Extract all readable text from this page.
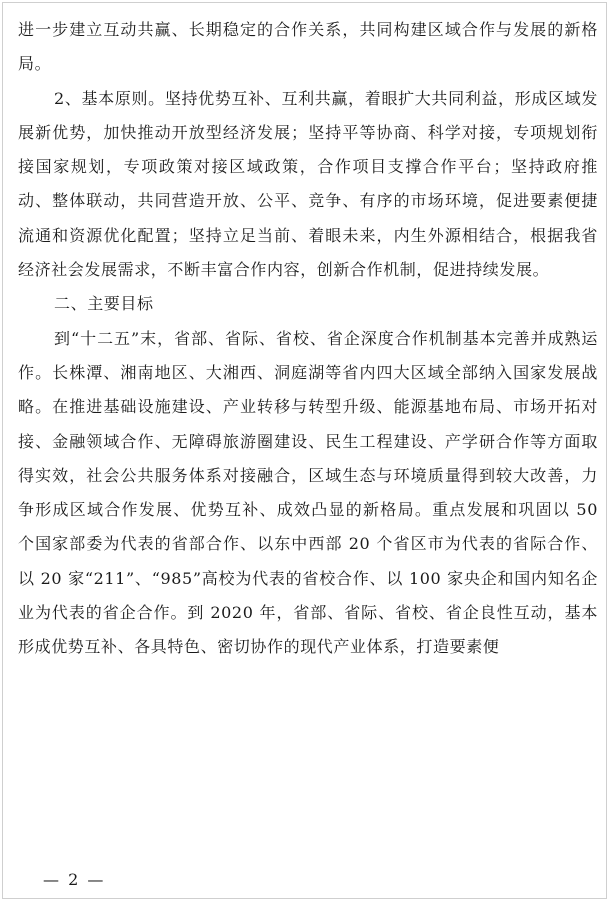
进一步建立互动共赢、长期稳定的合作关系，共同构建区域合作与发展的新格局。

2、基本原则。坚持优势互补、互利共赢，着眼扩大共同利益，形成区域发展新优势，加快推动开放型经济发展；坚持平等协商、科学对接，专项规划衔接国家规划，专项政策对接区域政策，合作项目支撑合作平台；坚持政府推动、整体联动，共同营造开放、公平、竞争、有序的市场环境，促进要素便捷流通和资源优化配置；坚持立足当前、着眼未来，内生外源相结合，根据我省经济社会发展需求，不断丰富合作内容，创新合作机制，促进持续发展。

二、主要目标

到“十二五”末，省部、省际、省校、省企深度合作机制基本完善并成熟运作。长株潭、湘南地区、大湘西、洞庭湖等省内四大区域全部纳入国家发展战略。在推进基础设施建设、产业转移与转型升级、能源基地布局、市场开拓对接、金融领域合作、无障碍旅游圈建设、民生工程建设、产学研合作等方面取得实效，社会公共服务体系对接融合，区域生态与环境质量得到较大改善，力争形成区域合作发展、优势互补、成效凸显的新格局。重点发展和巩固以 50 个国家部委为代表的省部合作、以东中西部 20 个省区市为代表的省际合作、以 20 家“211”、“985”高校为代表的省校合作、以 100 家央企和国内知名企业为代表的省企合作。到 2020 年，省部、省际、省校、省企良性互动，基本形成优势互补、各具特色、密切协作的现代产业体系，打造要素便

— 2 —
